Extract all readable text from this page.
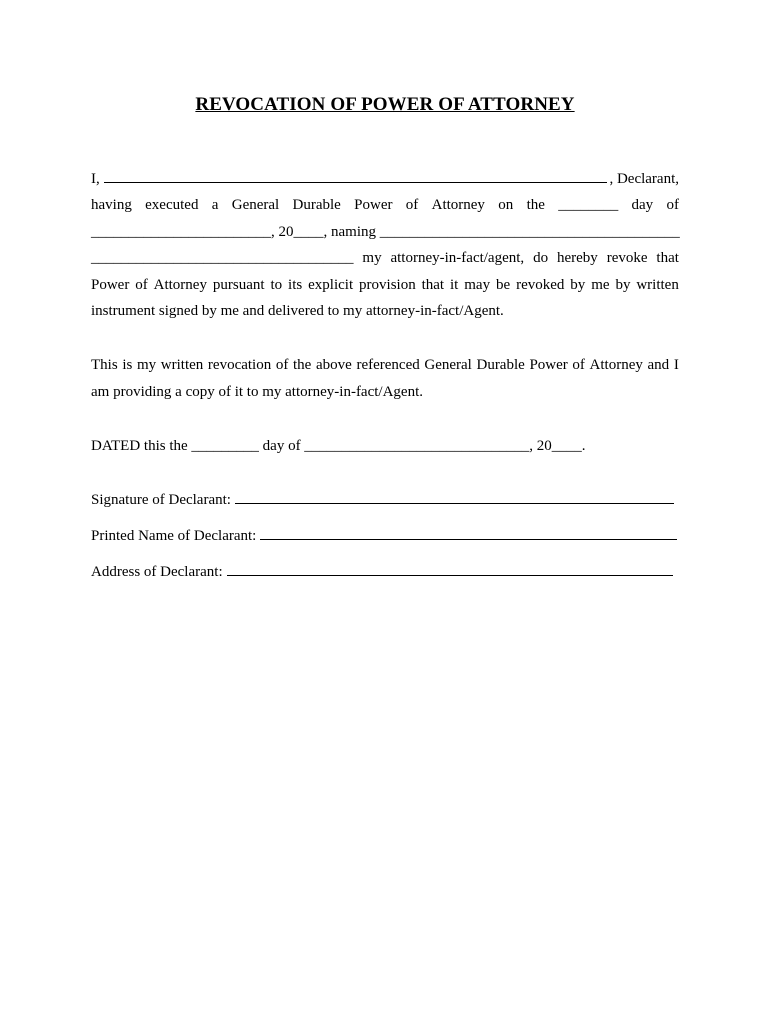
REVOCATION OF POWER OF ATTORNEY
I,	, Declarant,
having executed a General Durable Power of Attorney on the ________ day of
________________________, 20____, naming ________________________________________
___________________________________ my attorney-in-fact/agent, do hereby revoke that
Power of Attorney pursuant to its explicit provision that it may be revoked by me by written
instrument signed by me and delivered to my attorney-in-fact/Agent.
This is my written revocation of the above referenced General Durable Power of Attorney and I
am providing a copy of it to my attorney-in-fact/Agent.
DATED this the _________ day of ______________________________, 20____.
Signature of Declarant:
Printed Name of Declarant:
Address of Declarant:
